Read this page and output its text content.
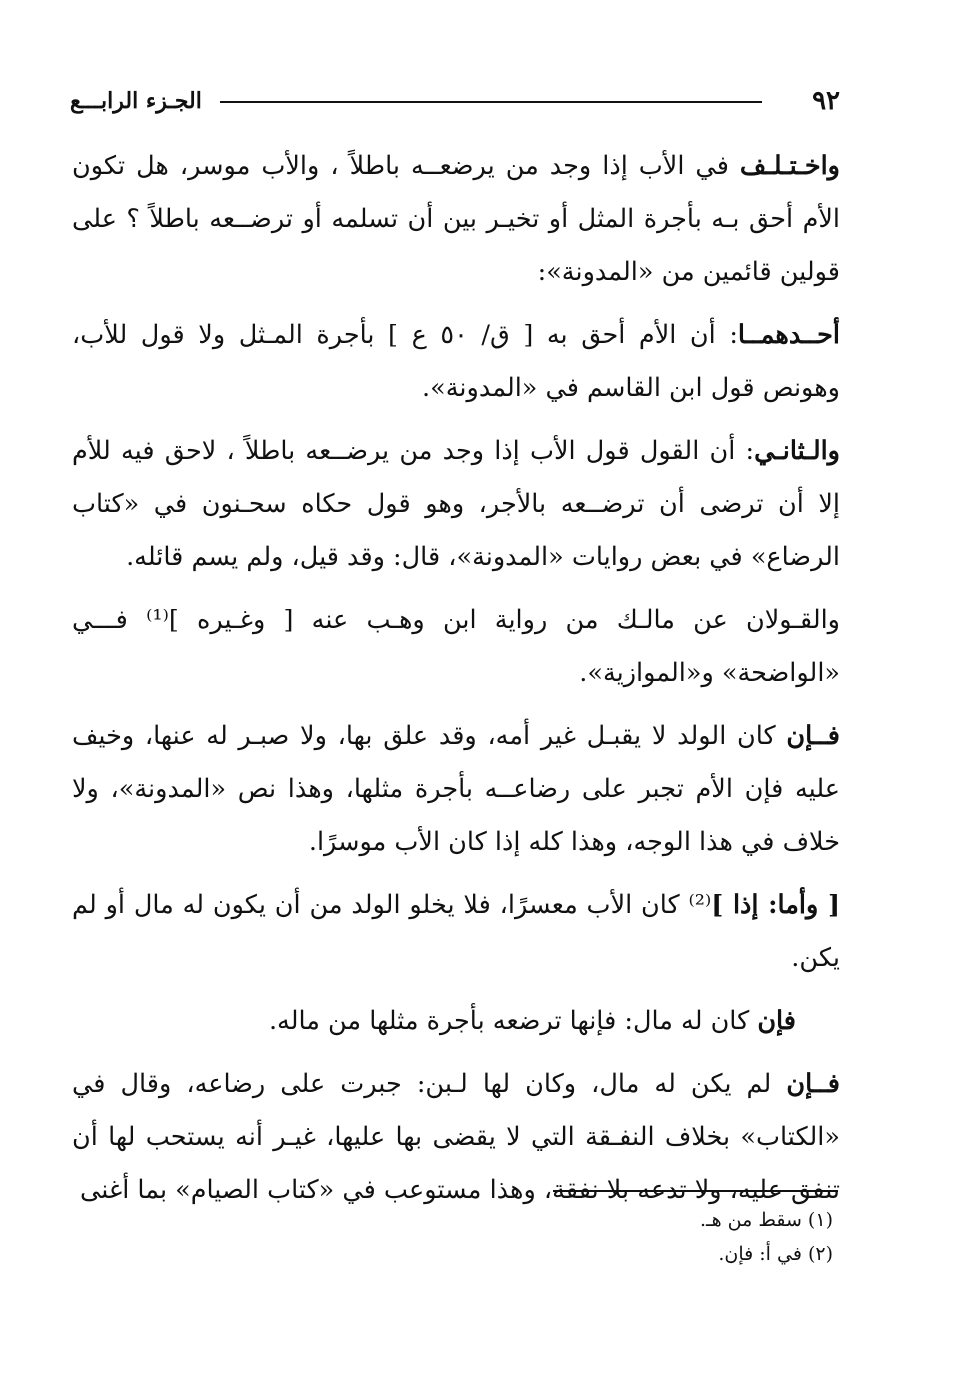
٩٢
الجـزء الرابـــع

واخـتـلـف في الأب إذا وجد من يرضعــه باطلاً ، والأب موسر، هل تكون الأم أحق بـه بأجرة المثل أو تخيـر بين أن تسلمه أو ترضــعه باطلاً ؟ على قولين قائمين من «المدونة»:

أحــدهمــا: أن الأم أحق به [ ق/ ٥٠ ع ] بأجرة المـثل ولا قول للأب، وهونص قول ابن القاسم في «المدونة».

والـثانـي: أن القول قول الأب إذا وجد من يرضــعه باطلاً ، لاحق فيه للأم إلا أن ترضى أن ترضــعه بالأجر، وهو قول حكاه سحـنون في «كتاب الرضاع» في بعض روايات «المدونة»، قال: وقد قيل، ولم يسم قائله.

والقـولان عن مالـك من رواية ابن وهـب عنه [ وغـيره ]⁽¹⁾ فـــي «الواضحة» و«الموازية».

فــإن كان الولد لا يقبـل غير أمه، وقد علق بها، ولا صبـر له عنها، وخيف عليه فإن الأم تجبر على رضاعــه بأجرة مثلها، وهذا نص «المدونة»، ولا خلاف في هذا الوجه، وهذا كله إذا كان الأب موسرًا.

[ وأما: إذا ]⁽²⁾ كان الأب معسرًا، فلا يخلو الولد من أن يكون له مال أو لم يكن.

فإن كان له مال: فإنها ترضعه بأجرة مثلها من ماله.

فــإن لم يكن له مال، وكان لها لـبن: جبرت على رضاعه، وقال في «الكتاب» بخلاف النفـقة التي لا يقضى بها عليها، غيـر أنه يستحب لها أن تنفق عليه، ولا تدعه بلا نفقة، وهذا مستوعب في «كتاب الصيام» بما أغنى

(١) سقط من هـ.

(٢) في أ: فإن.
